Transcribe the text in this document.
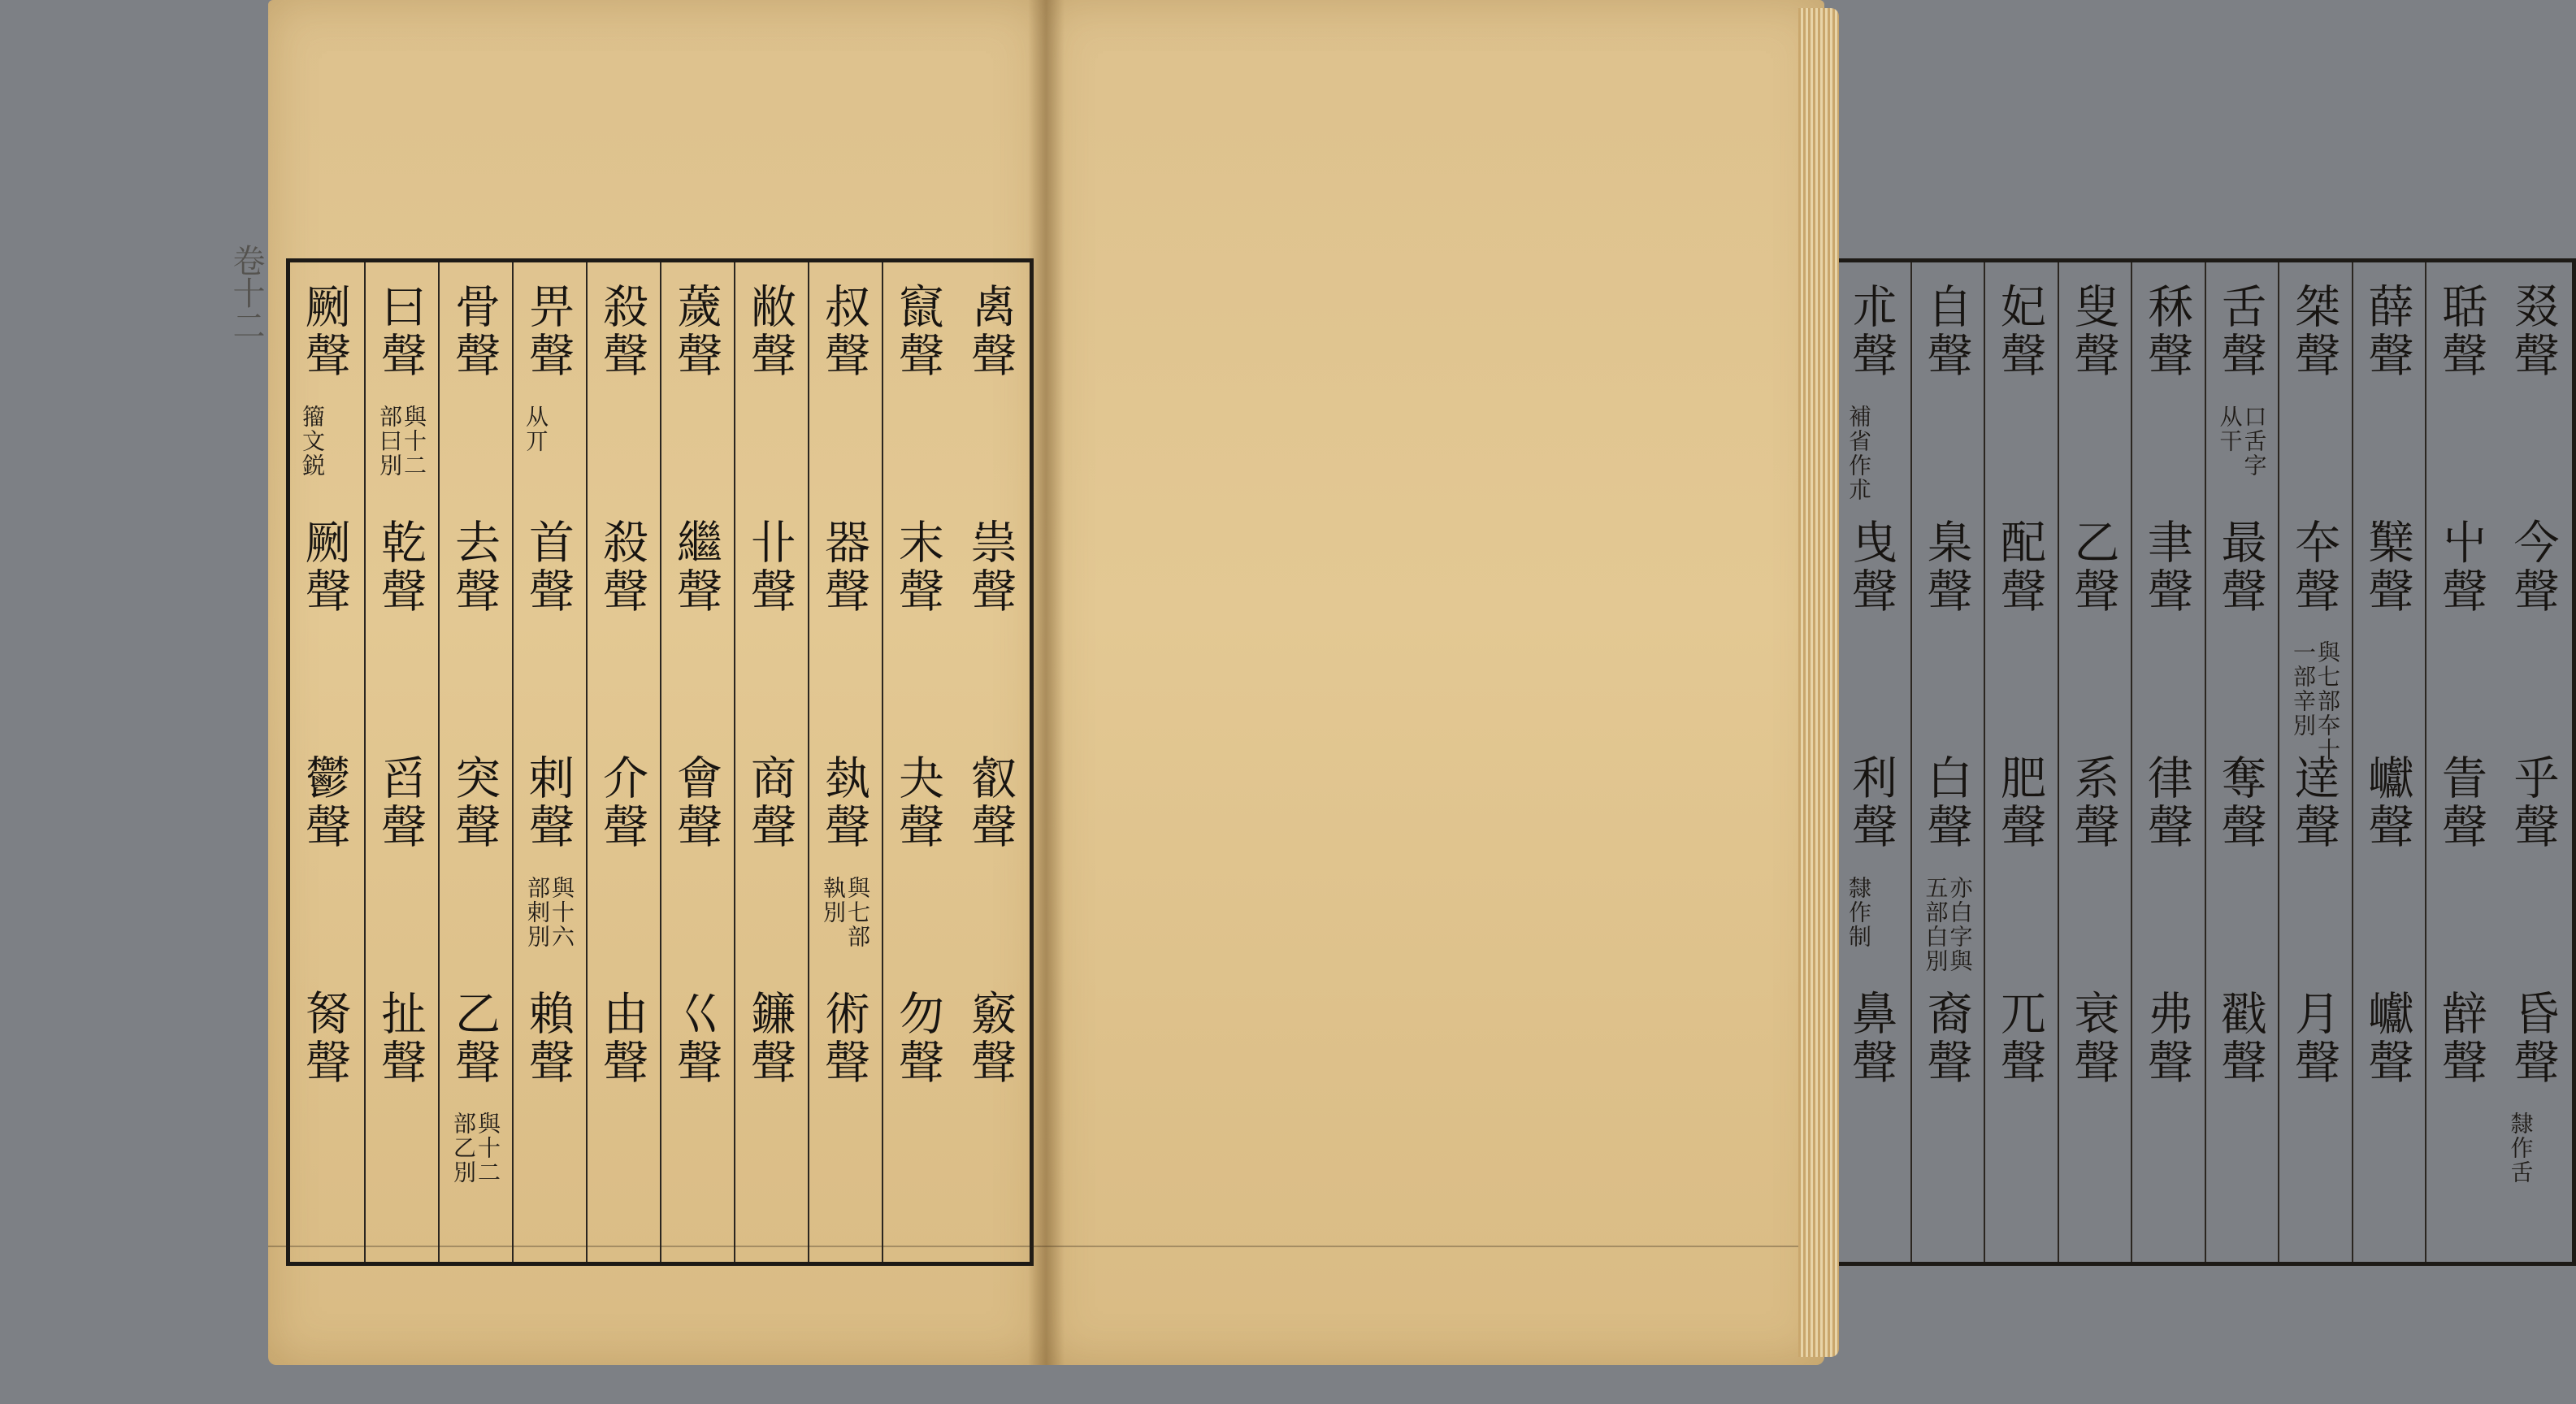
卷十二	禼聲
祟聲
叡聲
竅聲
竄聲
末聲
夬聲
勿聲
叔聲
器聲
埶聲
術聲
與七部執別
敝聲
卝聲
商聲
鐮聲
薉聲
繼聲
會聲
巜聲
殺聲
殺聲
介聲
由聲
畀聲
首聲
剌聲
賴聲
从丌
與十六部剌別
骨聲
去聲
突聲
乙聲
與十二部乙別
曰聲
乾聲
舀聲
扯聲
與十二部曰別
劂聲
劂聲
鬱聲
胬聲
籀文鋭
叕聲
今聲
乎聲
昏聲
隸作舌
聒聲
屮聲
眚聲
辪聲
薛聲
櫱聲
巘聲
巘聲
桀聲
夲聲
逹聲
月聲
與七部夲十一部辛別
舌聲
最聲
奪聲
戳聲
口舌字从干
秝聲
聿聲
律聲
弗聲
叟聲
乙聲
系聲
衰聲
妃聲
配聲
肥聲
兀聲
自聲
臬聲
白聲
裔聲
亦白字與五部白別
朮聲
曳聲
利聲
鼻聲
補省作朮
隸作制
